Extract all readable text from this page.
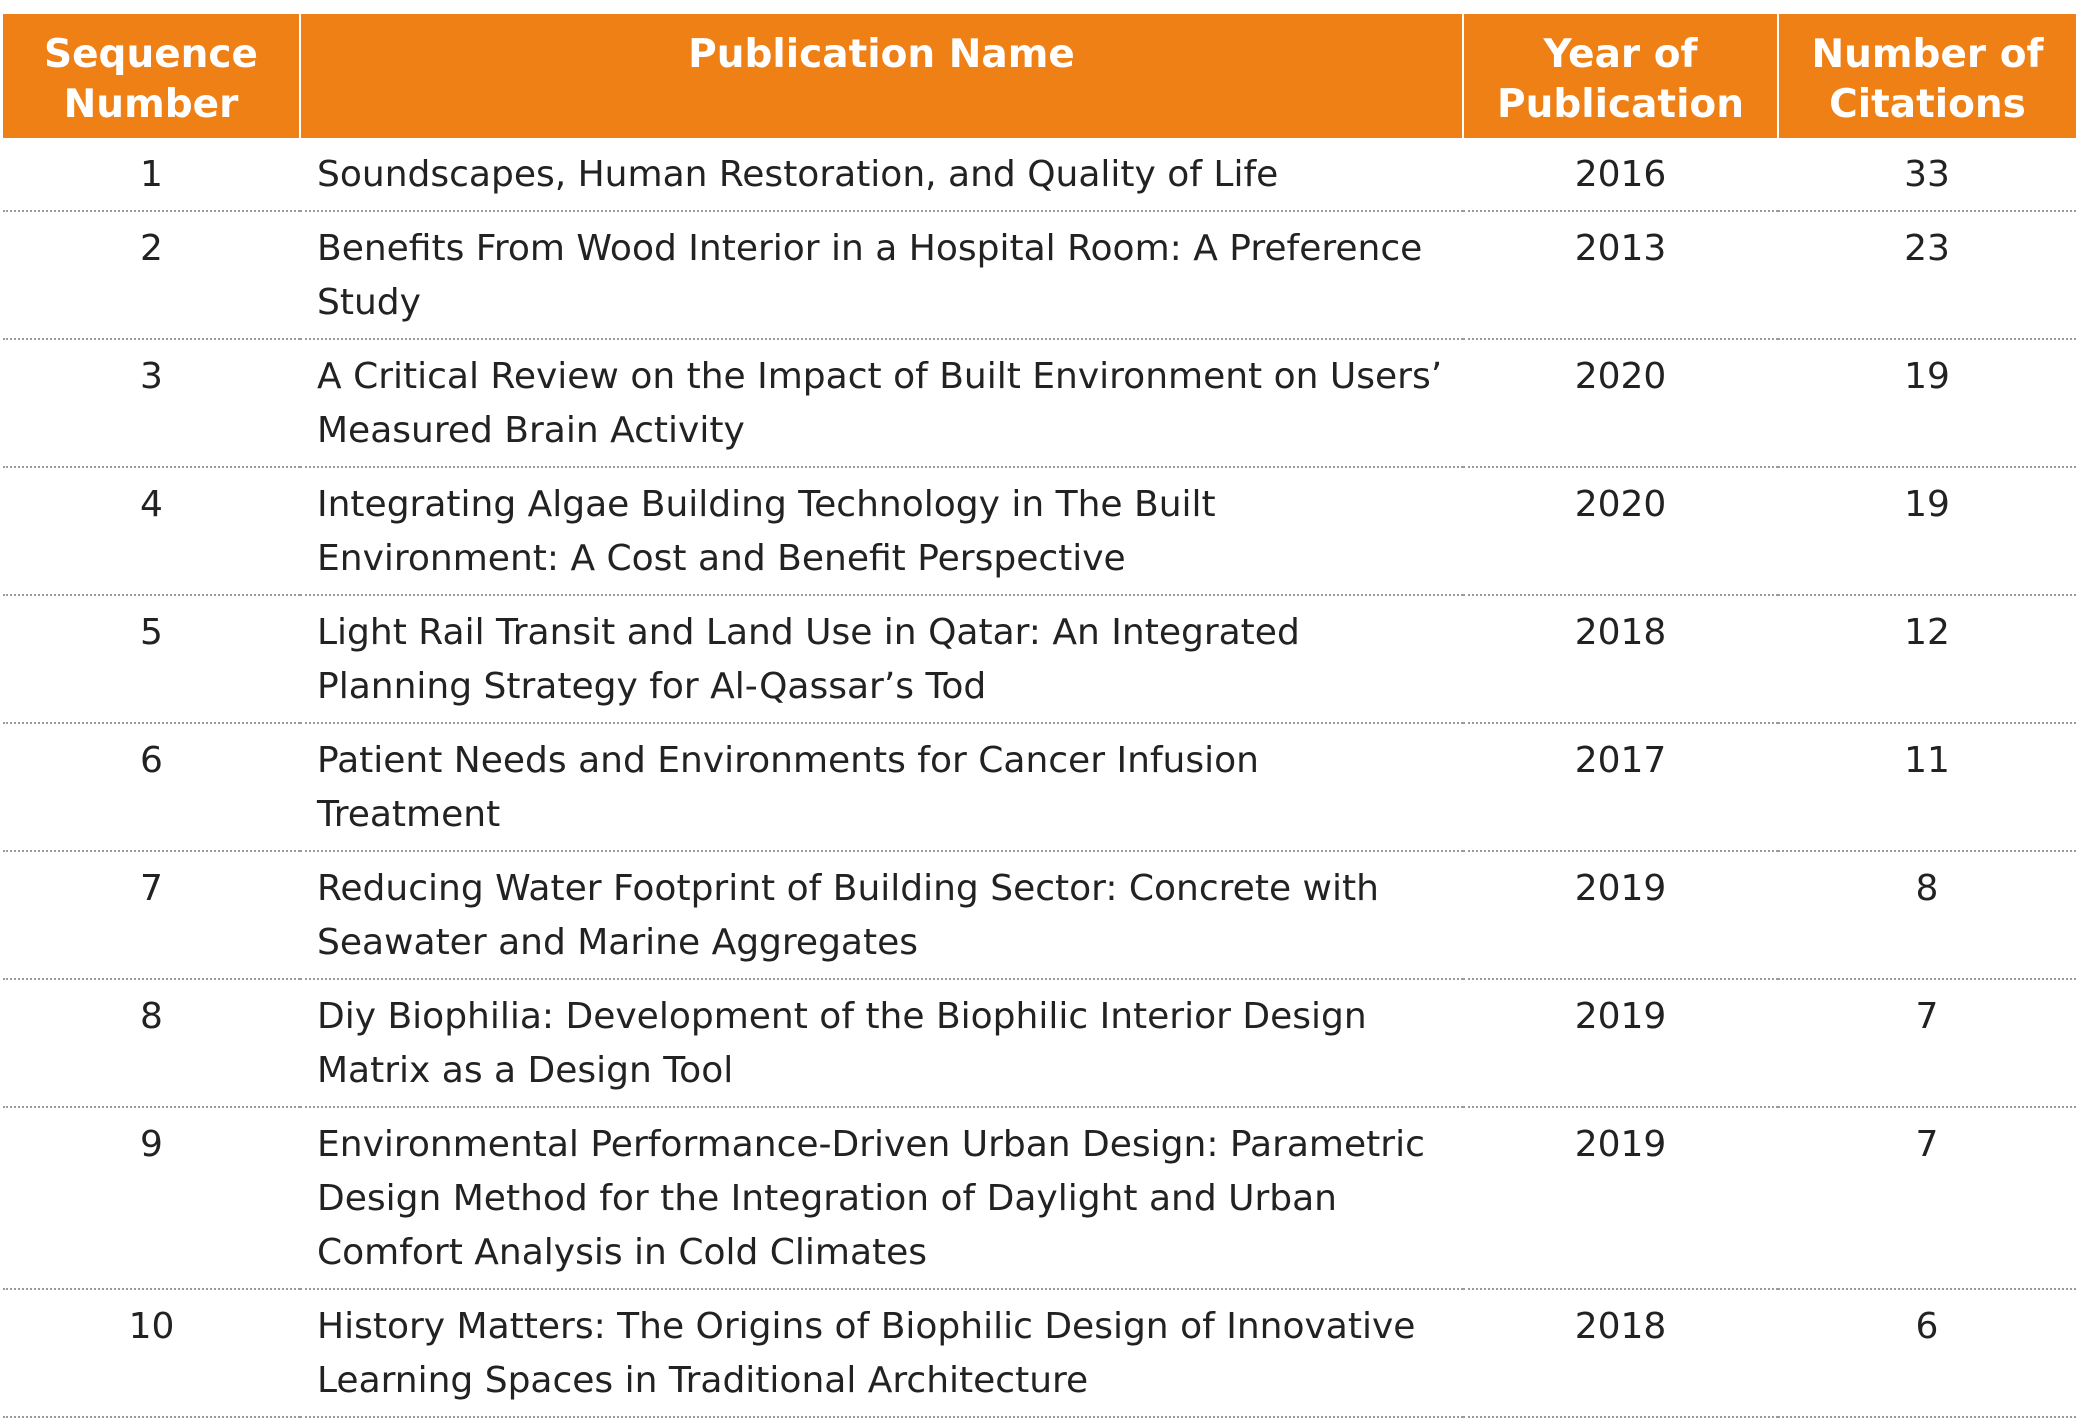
Sequence Number	Publication Name	Year of Publication	Number of Citations
1	Soundscapes, Human Restoration, and Quality of Life	2016	33
2	Benefits From Wood Interior in a Hospital Room: A Preference Study	2013	23
3	A Critical Review on the Impact of Built Environment on Users’ Measured Brain Activity	2020	19
4	Integrating Algae Building Technology in The Built Environment: A Cost and Benefit Perspective	2020	19
5	Light Rail Transit and Land Use in Qatar: An Integrated Planning Strategy for Al-Qassar’s Tod	2018	12
6	Patient Needs and Environments for Cancer Infusion Treatment	2017	11
7	Reducing Water Footprint of Building Sector: Concrete with Seawater and Marine Aggregates	2019	8
8	Diy Biophilia: Development of the Biophilic Interior Design Matrix as a Design Tool	2019	7
9	Environmental Performance-Driven Urban Design: Parametric Design Method for the Integration of Daylight and Urban Comfort Analysis in Cold Climates	2019	7
10	History Matters: The Origins of Biophilic Design of Innovative Learning Spaces in Traditional Architecture	2018	6
